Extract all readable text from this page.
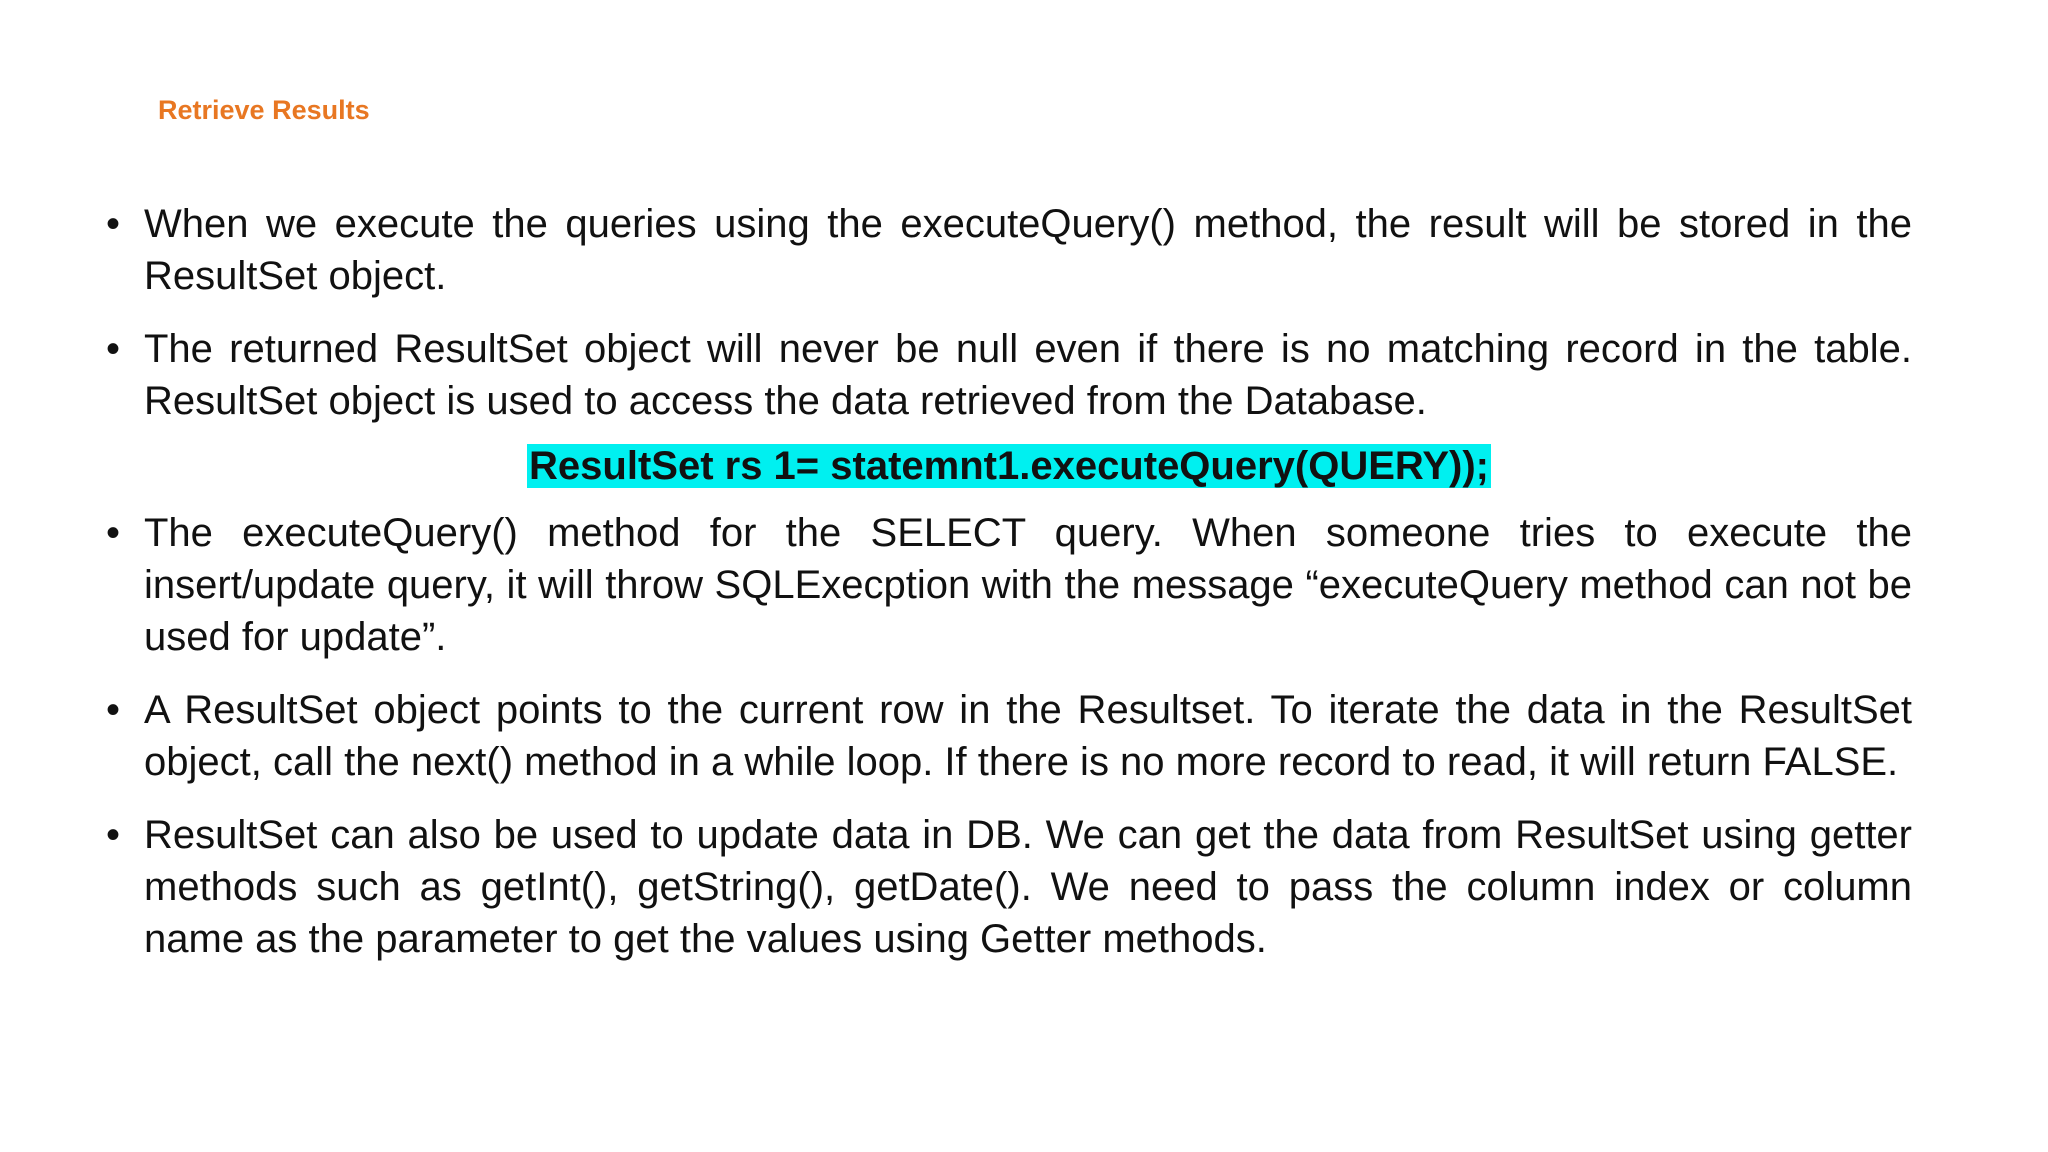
Retrieve Results
• When we execute the queries using the executeQuery() method, the result will be stored in the ResultSet object.
• The returned ResultSet object will never be null even if there is no matching record in the table. ResultSet object is used to access the data retrieved from the Database.
ResultSet rs 1= statemnt1.executeQuery(QUERY));
• The executeQuery() method for the SELECT query. When someone tries to execute the insert/update query, it will throw SQLExecption with the message “executeQuery method can not be used for update”.
• A ResultSet object points to the current row in the Resultset. To iterate the data in the ResultSet object, call the next() method in a while loop. If there is no more record to read, it will return FALSE.
• ResultSet can also be used to update data in DB. We can get the data from ResultSet using getter methods such as getInt(), getString(), getDate(). We need to pass the column index or column name as the parameter to get the values using Getter methods.
